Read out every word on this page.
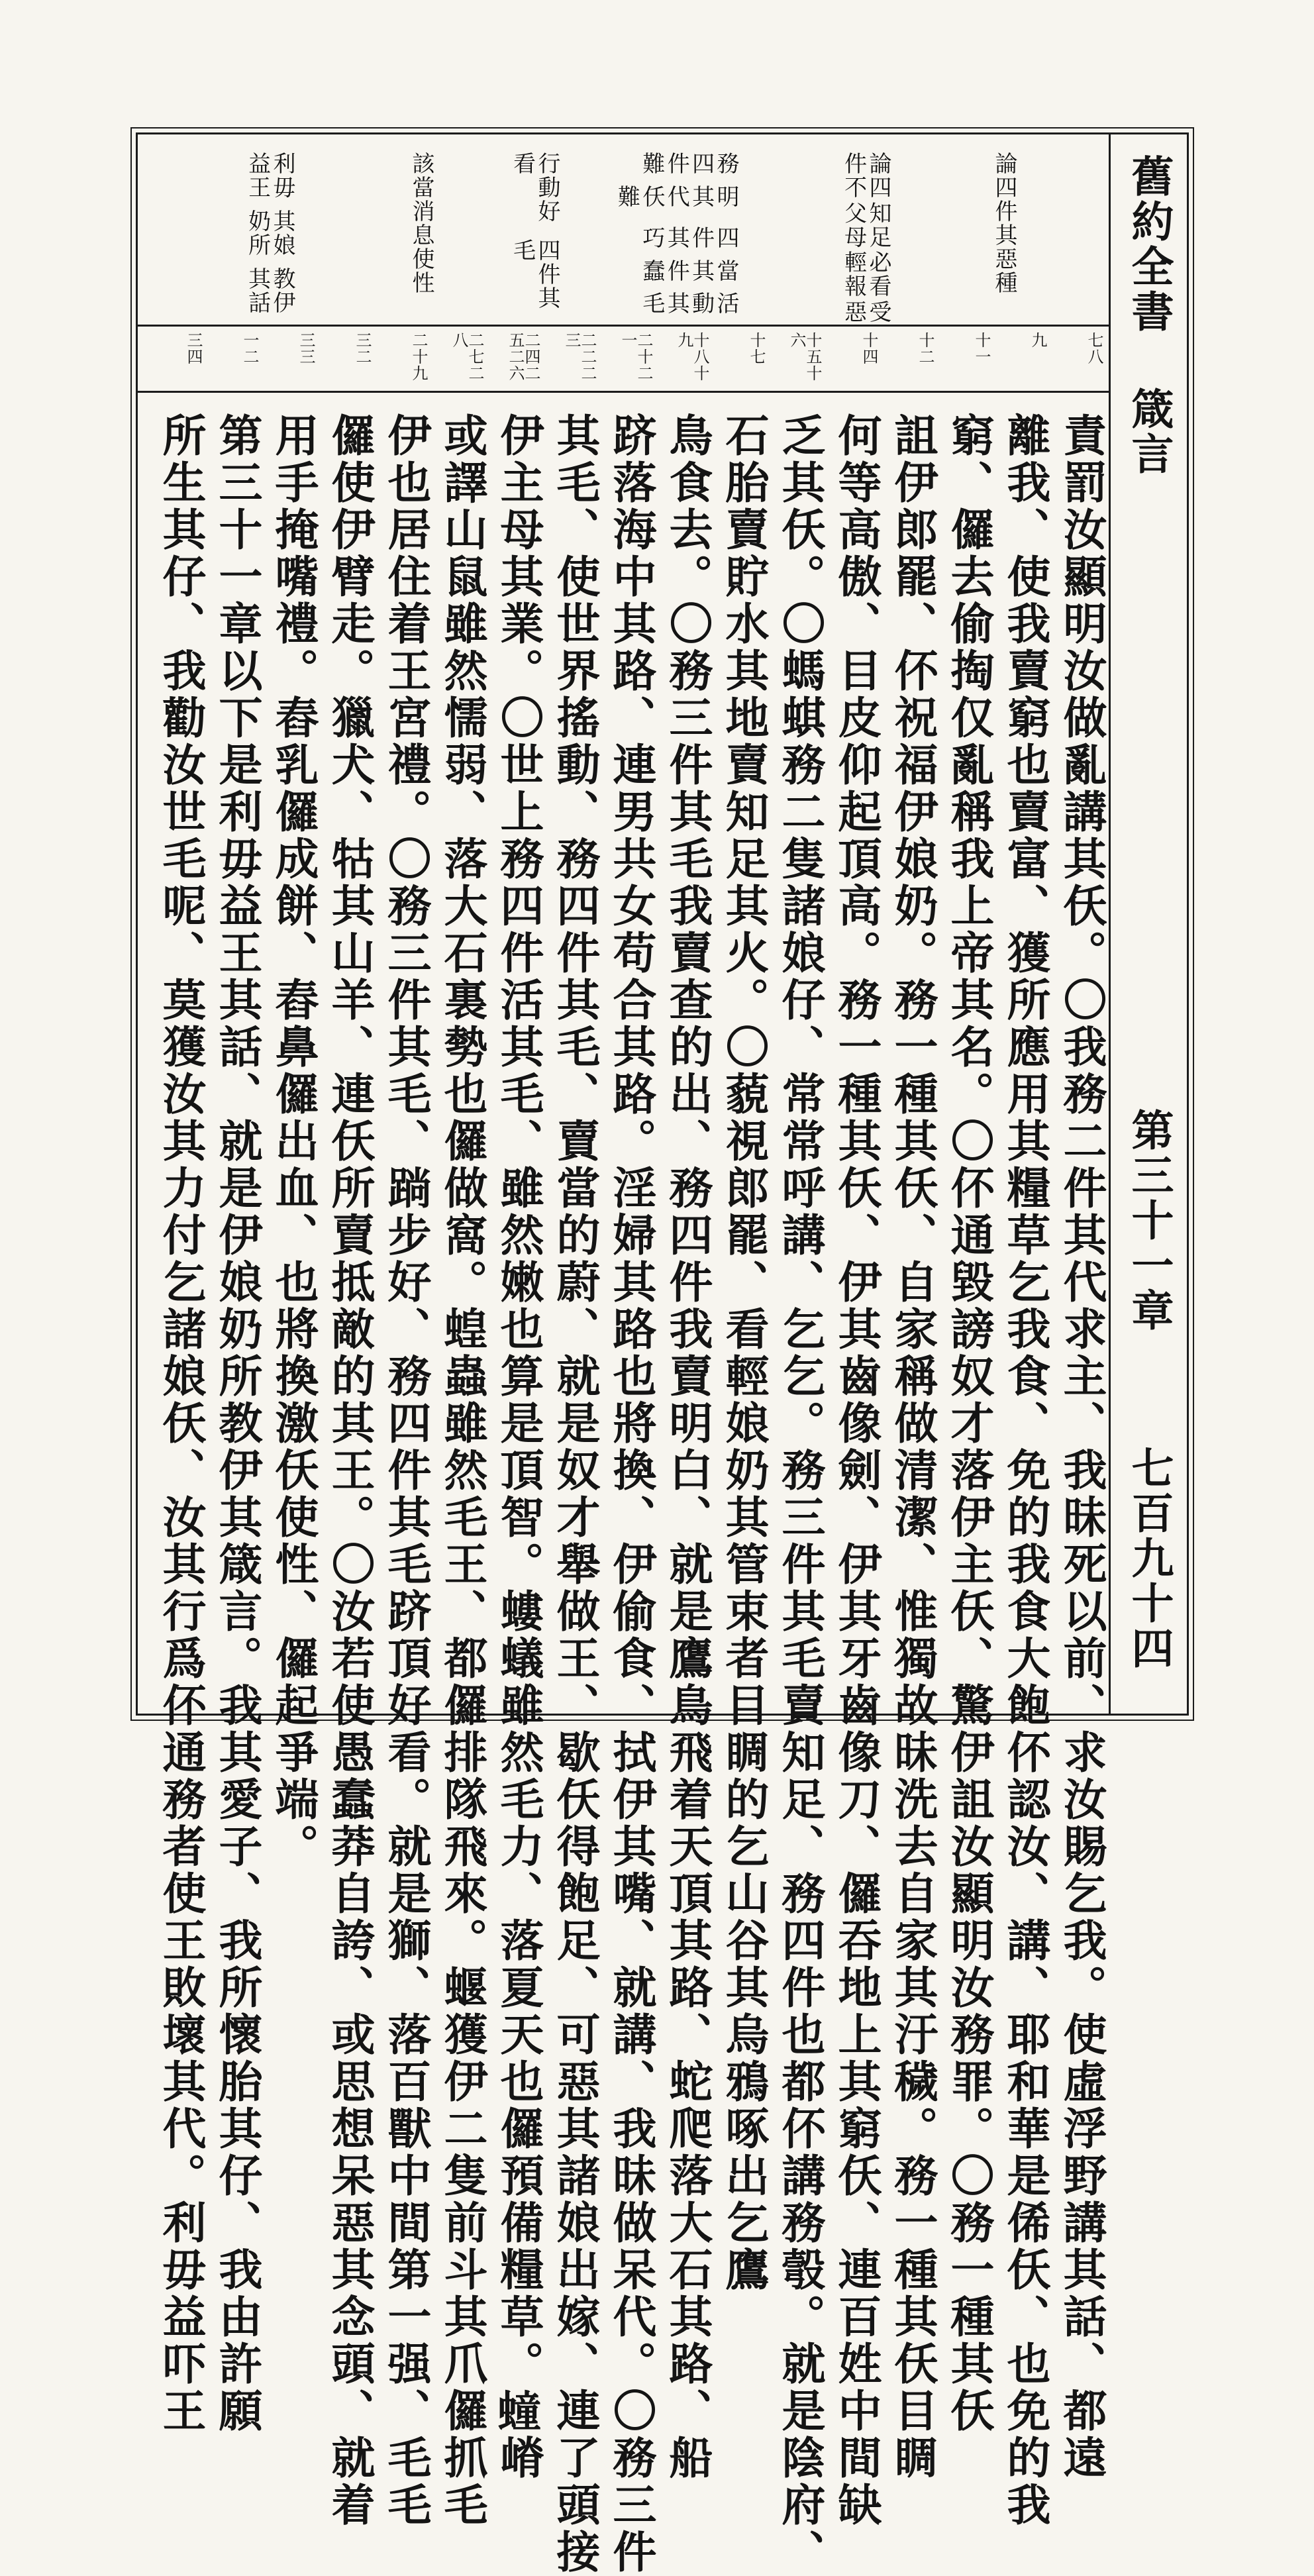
舊約全書 箴言
第三十一章
七百九十四
論四件其
惡種
論四件不
知足父母
必看輕報
受惡
務四件難
明其代仸難
四件其巧
當其件蠢
活動其毛
行動好看
四件其毛
該當消息
使性
利毋益王
其娘奶所
教伊其話
七八
九
十一
十二
十四
十五十六
十七
十八十九
二十二一
二二二三
二四二五二六
二七二八
二十九
三二
三三
一二
三四
責罰汝顯明汝做亂講其仸。〇我務二件其代求主、我昧死以前、求汝賜乞我。使虛浮野講其話、都遠
離我、使我賣窮也賣富、獲所應用其糧草乞我食、免的我食大飽伓認汝、講、耶和華是俙仸、也免的我
窮、儸去偷掏仅亂稱我上帝其名。〇伓通毀謗奴才落伊主仸、驚伊詛汝顯明汝務罪。〇務一種其仸
詛伊郎罷、伓祝福伊娘奶。務一種其仸、自家稱做清潔、惟獨故昧洗去自家其汙穢。務一種其仸目睭
何等高傲、目皮仰起頂高。務一種其仸、伊其齒像劍、伊其牙齒像刀、儸吞地上其窮仸、連百姓中間缺
乏其仸。〇螞蜞務二隻諸娘仔、常常呼講、乞乞。務三件其毛賣知足、務四件也都伓講務彀。就是陰府、
石胎賣貯水其地賣知足其火。〇藐視郎罷、看輕娘奶其管束者目睭的乞山谷其烏鴉啄出乞鷹
鳥食去。〇務三件其毛我賣查的出、務四件我賣明白、就是鷹鳥飛着天頂其路、蛇爬落大石其路、船
跻落海中其路、連男共女苟合其路。淫婦其路也將換、伊偷食、拭伊其嘴、就講、我昧做呆代。〇務三件
其毛、使世界搖動、務四件其毛、賣當的蔚、就是奴才舉做王、歇仸得飽足、可惡其諸娘出嫁、連了頭接
伊主母其業。〇世上務四件活其毛、雖然嫩也算是頂智。螻蟻雖然毛力、落夏天也儸預備糧草。𧑆嵴
或譯山鼠雖然懦弱、落大石裏勢也儸做窩。蝗蟲雖然毛王、都儸排隊飛來。蝘獲伊二隻前斗其爪儸抓毛
伊也居住着王宮禮。〇務三件其毛、䠀步好、務四件其毛跻頂好看。就是獅、落百獸中間第一强、毛毛
儸使伊臂走。獵犬、牯其山羊、連仸所賣抵敵的其王。〇汝若使愚蠢莽自誇、或思想呆惡其念頭、就着
用手掩嘴禮。舂乳儸成餅、舂鼻儸出血、也將換激仸使性、儸起爭端。
第三十一章以下是利毋益王其話、就是伊娘奶所教伊其箴言。我其愛子、我所懷胎其仔、我由許願
所生其仔、我勸汝世毛呢、莫獲汝其力付乞諸娘仸、汝其行爲伓通務者使王敗壞其代。利毋益吓王
